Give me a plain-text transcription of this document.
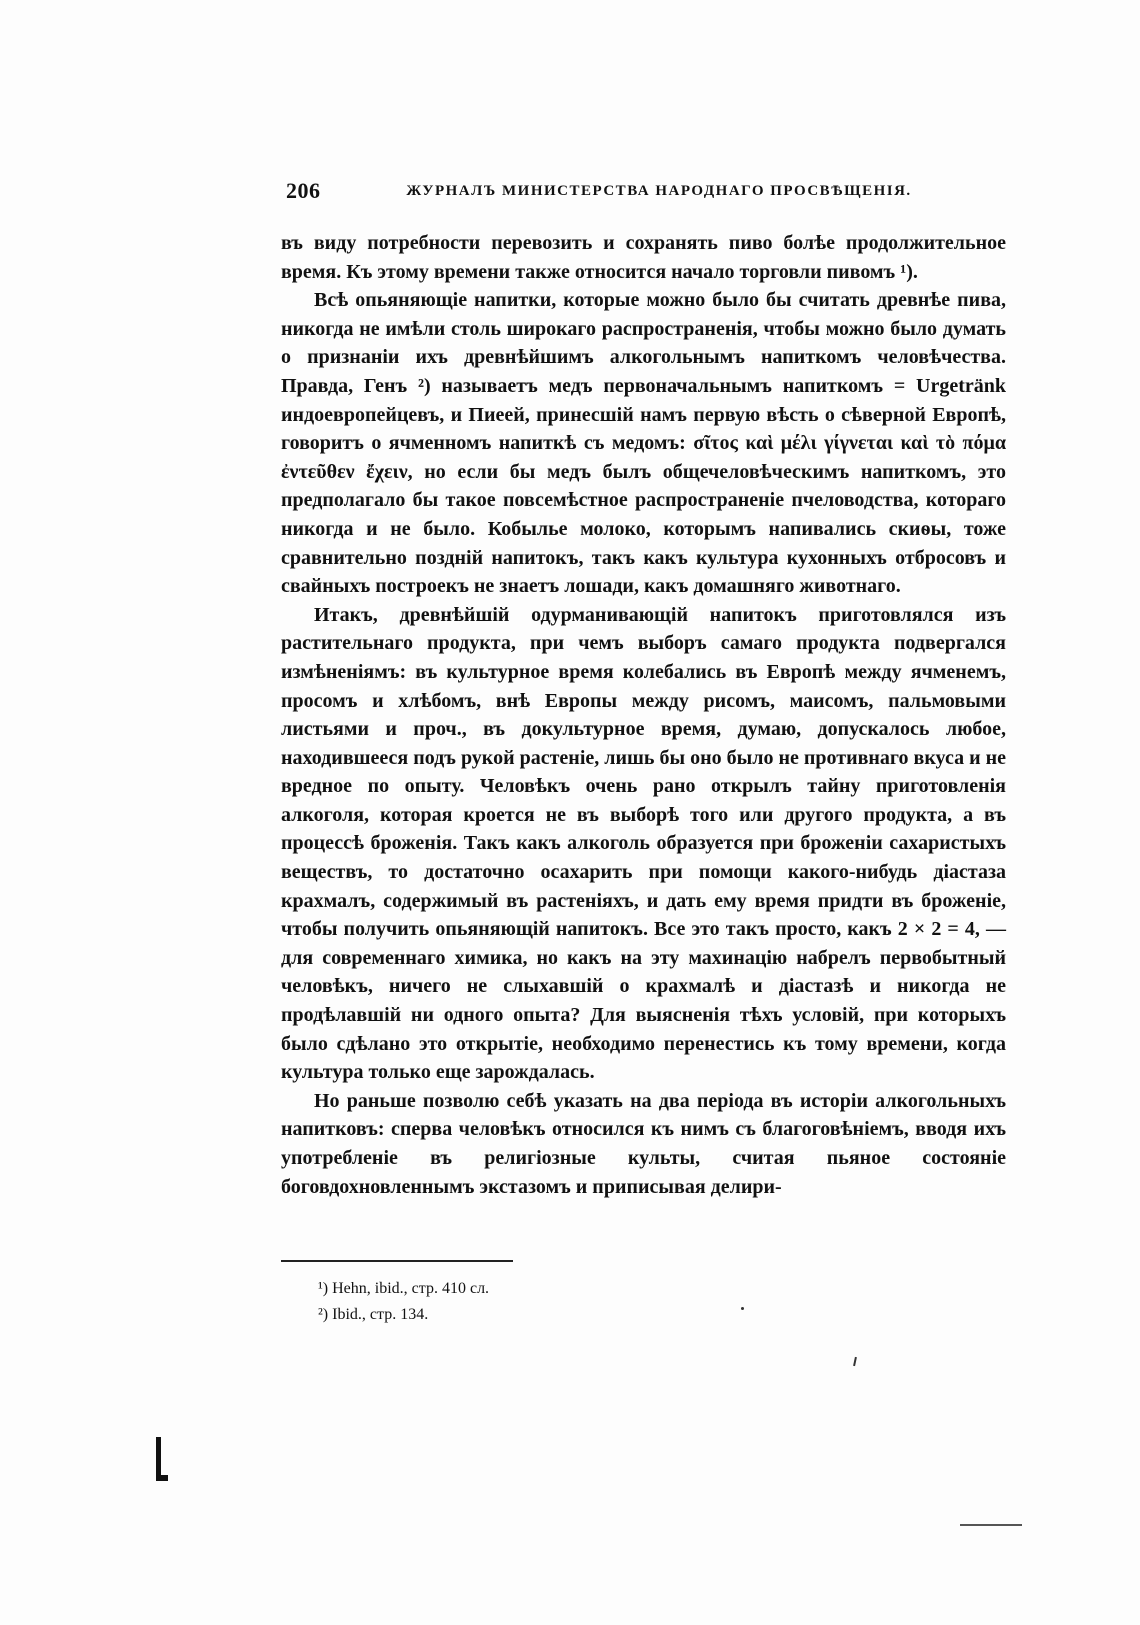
206	ЖУРНАЛЪ МИНИСТЕРСТВА НАРОДНАГО ПРОСВѢЩЕНІЯ.

въ виду потребности перевозить и сохранять пиво болѣе продолжительное время. Къ этому времени также относится начало торговли пивомъ ¹).

Всѣ опьяняющіе напитки, которые можно было бы считать древнѣе пива, никогда не имѣли столь широкаго распространенія, чтобы можно было думать о признаніи ихъ древнѣйшимъ алкогольнымъ напиткомъ человѣчества. Правда, Генъ ²) называетъ медъ первоначальнымъ напиткомъ = Urgetränk индоевропейцевъ, и Пиеей, принесшій намъ первую вѣсть о сѣверной Европѣ, говоритъ о ячменномъ напиткѣ съ медомъ: σῖτος καὶ μέλι γίγνεται καὶ τὸ πόμα ἐντεῦθεν ἔχειν, но если бы медъ былъ общечеловѣческимъ напиткомъ, это предполагало бы такое повсемѣстное распространеніе пчеловодства, котораго никогда и не было. Кобылье молоко, которымъ напивались скиѳы, тоже сравнительно поздній напитокъ, такъ какъ культура кухонныхъ отбросовъ и свайныхъ построекъ не знаетъ лошади, какъ домашняго животнаго.

Итакъ, древнѣйшій одурманивающій напитокъ приготовлялся изъ растительнаго продукта, при чемъ выборъ самаго продукта подвергался измѣненіямъ: въ культурное время колебались въ Европѣ между ячменемъ, просомъ и хлѣбомъ, внѣ Европы между рисомъ, маисомъ, пальмовыми листьями и проч., въ докультурное время, думаю, допускалось любое, находившееся подъ рукой растеніе, лишь бы оно было не противнаго вкуса и не вредное по опыту. Человѣкъ очень рано открылъ тайну приготовленія алкоголя, которая кроется не въ выборѣ того или другого продукта, а въ процессѣ броженія. Такъ какъ алкоголь образуется при броженіи сахаристыхъ веществъ, то достаточно осахарить при помощи какого-нибудь діастаза крахмалъ, содержимый въ растеніяхъ, и дать ему время придти въ броженіе, чтобы получить опьяняющій напитокъ. Все это такъ просто, какъ 2 × 2 = 4, — для современнаго химика, но какъ на эту махинацію набрелъ первобытный человѣкъ, ничего не слыхавшій о крахмалѣ и діастазѣ и никогда не продѣлавшій ни одного опыта? Для выясненія тѣхъ условій, при которыхъ было сдѣлано это открытіе, необходимо перенестись къ тому времени, когда культура только еще зарождалась.

Но раньше позволю себѣ указать на два періода въ исторіи алкогольныхъ напитковъ: сперва человѣкъ относился къ нимъ съ благоговѣніемъ, вводя ихъ употребленіе въ религіозные культы, считая пьяное состояніе боговдохновленнымъ экстазомъ и приписывая делири-

¹) Hehn, ibid., стр. 410 сл.

²) Ibid., стр. 134.
